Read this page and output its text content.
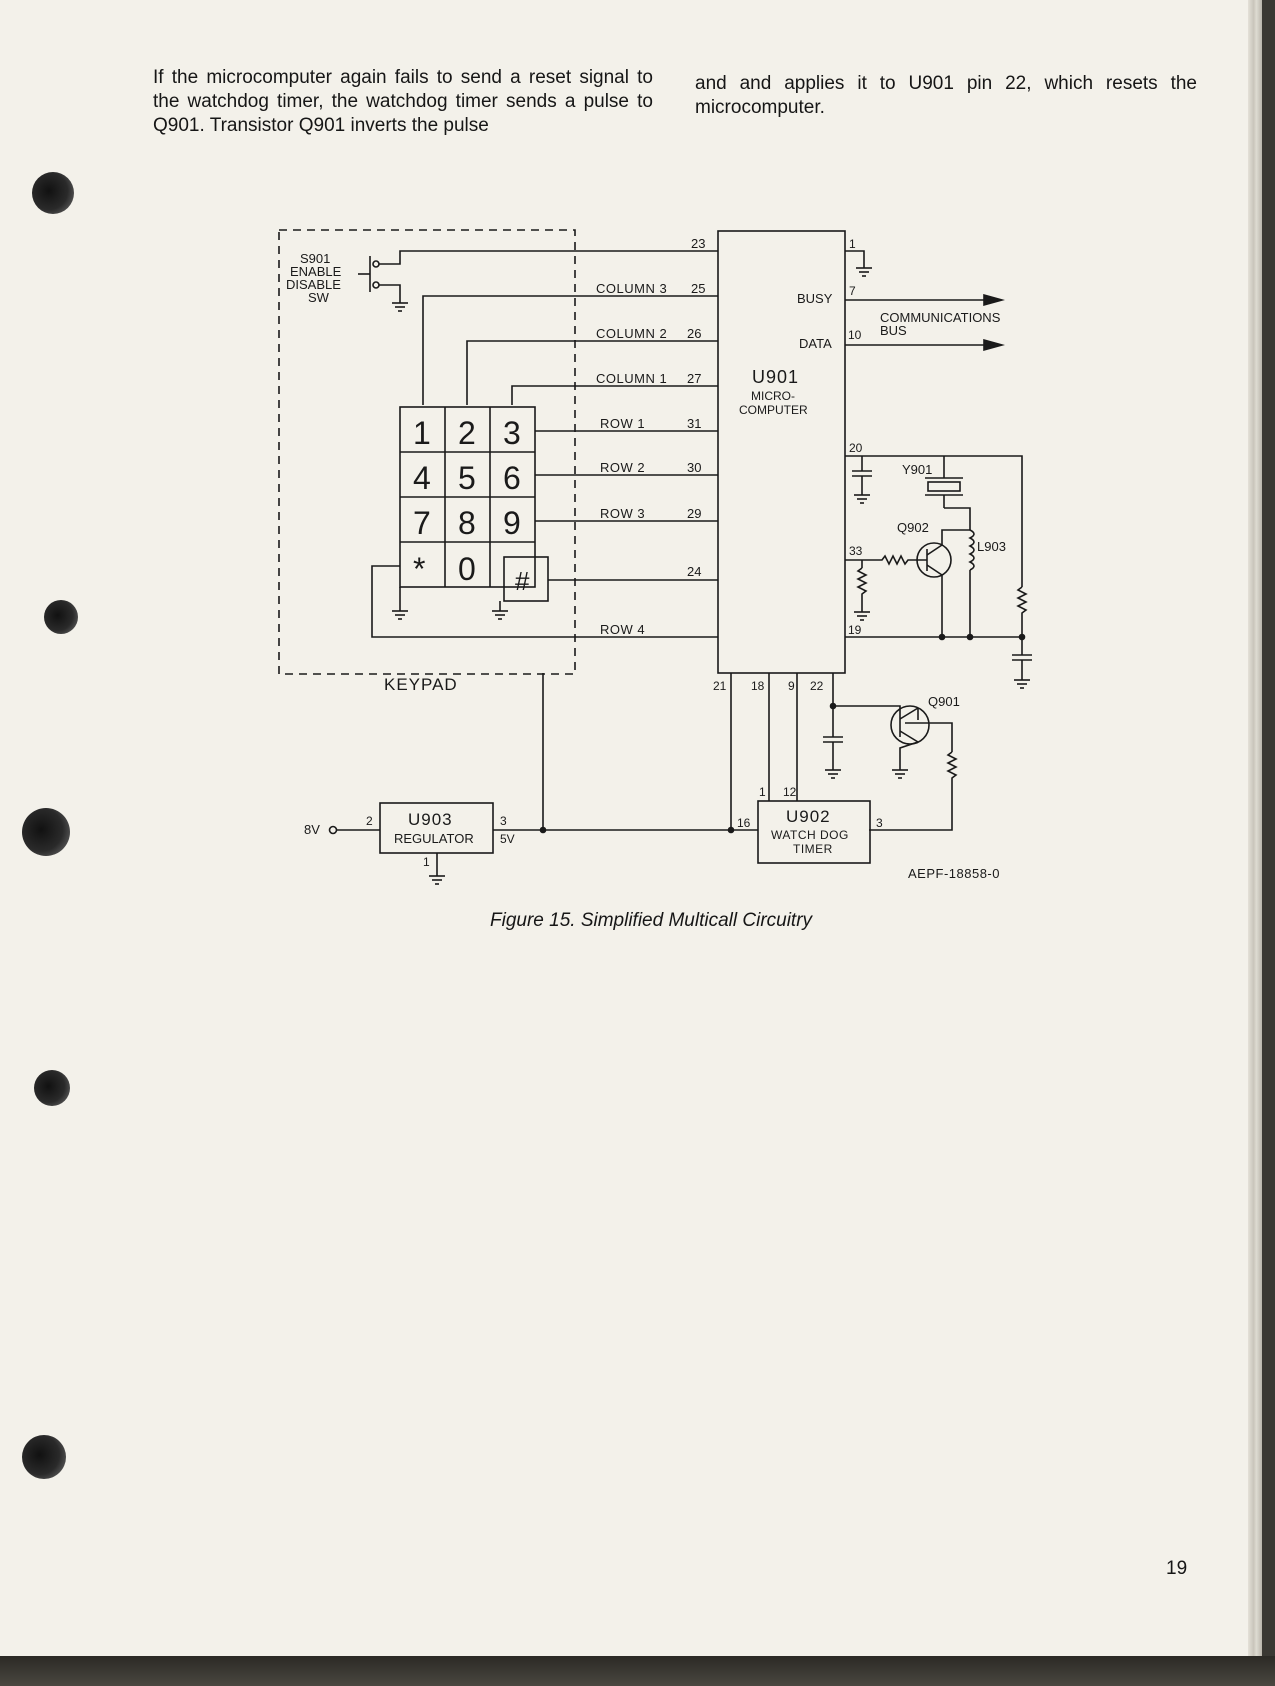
If the microcomputer again fails to send a reset signal to the watchdog timer, the watchdog timer sends a pulse to Q901. Transistor Q901 inverts the pulse

and and applies it to U901 pin 22, which resets the microcomputer.

KEYPAD
S901
ENABLE
DISABLE
SW
1 2 3
4 5 6
7 8 9
* 0 #
COLUMN 3
COLUMN 2
COLUMN 1
ROW 1
ROW 2
ROW 3
ROW 4
23
25
26
27
31
30
29
24
U901
MICRO-
COMPUTER
BUSY
DATA
1
7
10
COMMUNICATIONS
BUS
20
Y901
Q902
33	L903
19
21 18 9 22
Q901
U902
WATCH DOG
TIMER
1 12
16	3
U903
REGULATOR
8V
2	3
5V
1
AEPF-18858-0
Figure 15. Simplified Multicall Circuitry
19
